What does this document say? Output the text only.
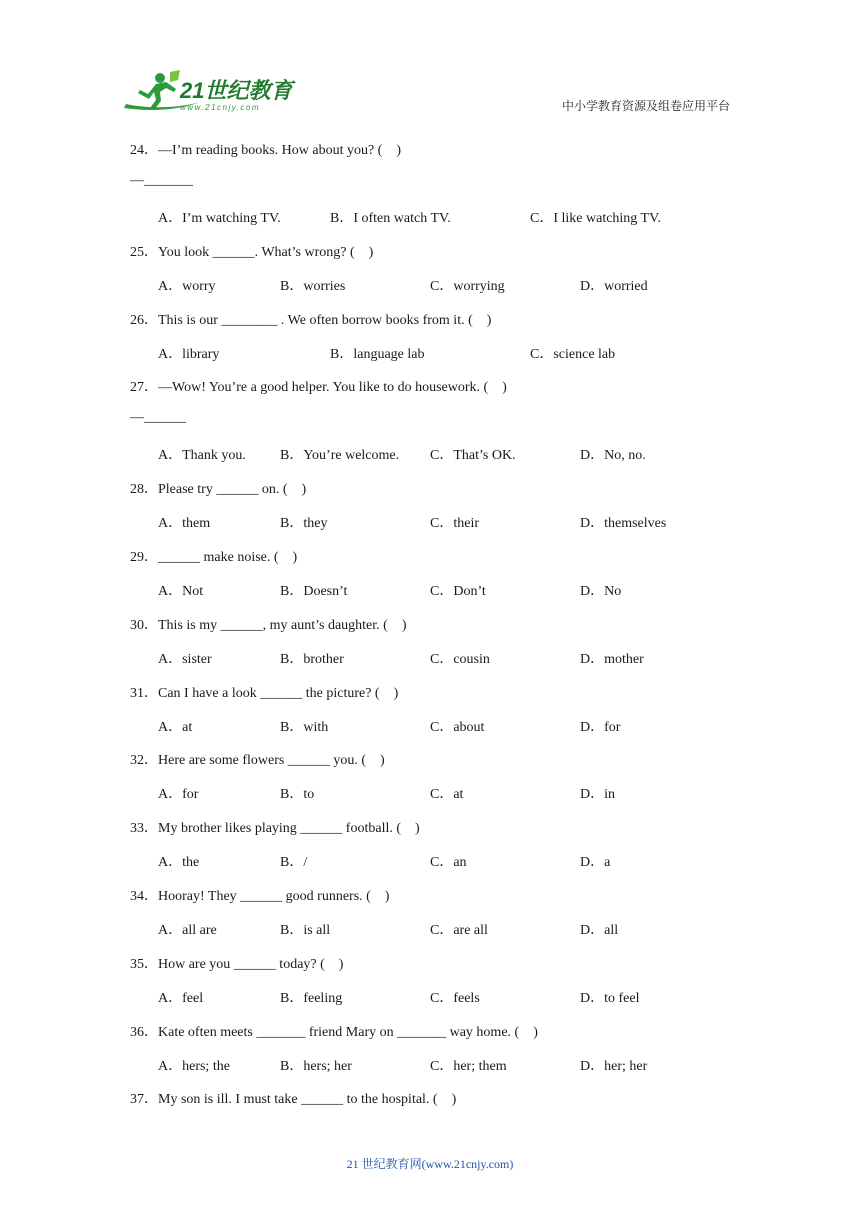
21世纪教育
www.21cnjy.com	中小学教育资源及组卷应用平台
24．—I’m reading books. How about you? (    )
—_______
A．I’m watching TV.	B．I often watch TV.	C．I like watching TV.
25．You look ______. What’s wrong? (    )
A．worry	B．worries	C．worrying	D．worried
26．This is our ________ . We often borrow books from it. (    )
A．library	B．language lab	C．science lab
27．—Wow! You’re a good helper. You like to do housework. (    )
—______
A．Thank you. B．You’re welcome. C．That’s OK.	D．No, no.
28．Please try ______ on. (    )
A．them	B．they	C．their	D．themselves
29．______ make noise. (    )
A．Not	B．Doesn’t	C．Don’t	D．No
30．This is my ______, my aunt’s daughter. (    )
A．sister	B．brother	C．cousin	D．mother
31．Can I have a look ______ the picture? (    )
A．at	B．with	C．about	D．for
32．Here are some flowers ______ you. (    )
A．for	B．to	C．at	D．in
33．My brother likes playing ______ football. (    )
A．the	B．/	C．an	D．a
34．Hooray! They ______ good runners. (    )
A．all are	B．is all	C．are all	D．all
35．How are you ______ today? (    )
A．feel	B．feeling	C．feels	D．to feel
36．Kate often meets _______ friend Mary on _______ way home. (    )
A．hers; the	B．hers; her	C．her; them	D．her; her
37．My son is ill. I must take ______ to the hospital. (    )
21 世纪教育网(www.21cnjy.com)
